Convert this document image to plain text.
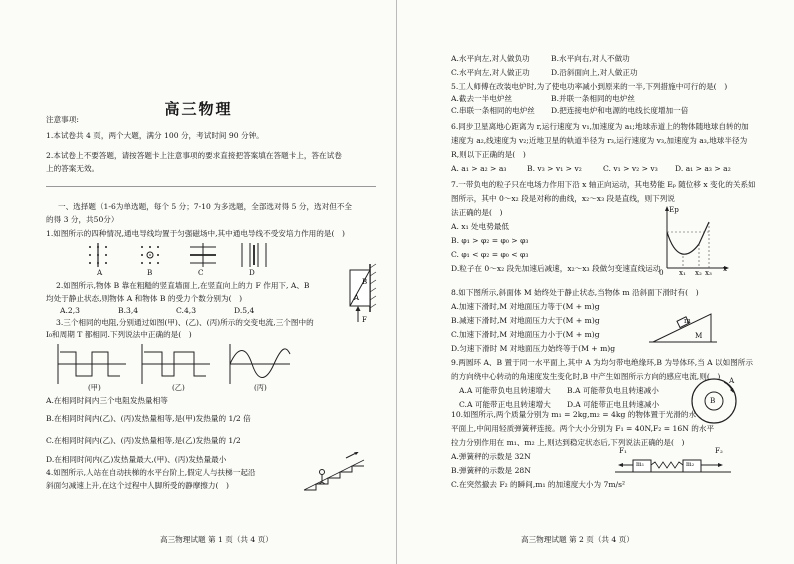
高三物理
注意事项:
1.本试卷共 4 页，两个大题，满分 100 分，考试时间 90 分钟。
2.本试卷上不要答题，请按答题卡上注意事项的要求直接把答案填在答题卡上，答在试卷
上的答案无效。
一、选择题（1-6为单选题，每个 5 分；7-10 为多选题，全部选对得 5 分，选对但不全
的得 3 分，共50分）
1.如图所示的四种情况,通电导线均置于匀强磁场中,其中通电导线不受安培力作用的是(　)
A	B	C	D
2.如图所示,物体 B 靠在粗糙的竖直墙面上,在竖直向上的力 F 作用下, A、B
均处于静止状态,则物体 A 和物体 B 的受力个数分别为(　)
A.2,3	B.3,4	C.4,3	D.5,4
A
B
F
3.三个相同的电阻,分别通过如图(甲)、(乙)、(丙)所示的交变电流,三个图中的
I₀和周期 T 都相同.下列说法中正确的是(　)
(甲)	(乙)	(丙)
A.在相同时间内三个电阻发热量相等
B.在相同时间内(乙)、(丙)发热量相等,是(甲)发热量的 1/2 倍
C.在相同时间内(乙)、(丙)发热量相等,是(乙)发热量的 1/2
D.在相同时间内(乙)发热量最大,(甲)、(丙)发热量最小
4.如图所示,人站在自动扶梯的水平台阶上,假定人与扶梯一起沿
斜面匀减速上升,在这个过程中人脚所受的静摩擦力(　)
高三物理试题 第 1 页（共 4 页）
A.水平向左,对人做负功	B.水平向右,对人不做功
C.水平向左,对人做正功	D.沿斜面向上,对人做正功
5.工人师傅在改装电炉时,为了使电功率减小到原来的一半,下列措施中可行的是(　)
A.截去一半电炉丝	B.并联一条相同的电炉丝
C.串联一条相同的电炉丝 D.把连接电炉和电源的电线长度增加一倍
6.同步卫星离地心距离为 r,运行速度为 v₁,加速度为 a₁;地球赤道上的物体随地球自转的加
速度为 a₂,线速度为 v₂;近地卫星的轨道半径为 r₃,运行速度为 v₃,加速度为 a₃,地球半径为
R,则以下正确的是(　)
A. a₁ > a₂ > a₃	B. v₃ > v₁ > v₂	C. v₁ > v₂ > v₃ D. a₁ > a₃ > a₂
7.一带负电的粒子只在电场力作用下沿 x 轴正向运动，其电势能 Eₚ 随位移 x 变化的关系如
图所示，其中 0～x₂ 段是对称的曲线，x₂～x₃ 段是直线，则下列说
法正确的是(　)
A. x₁ 处电势最低
B. φ₁ > φ₂ = φ₀ > φ₃
C. φ₁ < φ₂ = φ₀ < φ₃
D.粒子在 0～x₂ 段先加速后减速，x₂～x₃ 段做匀变速直线运动
Ep
0 x₁ x₂ x₃ x
8.如下图所示,斜面体 M 始终处于静止状态,当物体 m 沿斜面下滑时有(　)
A.加速下滑时,M 对地面压力等于(M + m)g
B.减速下滑时,M 对地面压力大于(M + m)g
C.加速下滑时,M 对地面压力小于(M + m)g
D.匀速下滑时 M 对地面压力始终等于(M + m)g
m
M
9.两圆环 A、B 置于同一水平面上,其中 A 为均匀带电绝缘环,B 为导体环,当 A 以如图所示
的方向绕中心转动的角速度发生变化时,B 中产生如图所示方向的感应电流,则(　)
A.A 可能带负电且转速增大 B.A 可能带负电且转速减小
C.A 可能带正电且转速增大 D.A 可能带正电且转速减小
A
B
10.如图所示,两个质量分别为 m₁ = 2kg,m₂ = 4kg 的物体置于光滑的水
平面上,中间用轻质弹簧秤连接。两个大小分别为 F₁ = 40N,F₂ = 16N 的水平
拉力分别作用在 m₁、m₂ 上,则达到稳定状态后,下列说法正确的是(　)
A.弹簧秤的示数是 32N
B.弹簧秤的示数是 28N
C.在突然撤去 F₂ 的瞬间,m₁ 的加速度大小为 7m/s²
F₁
m₁	m₂
F₂
高三物理试题 第 2 页（共 4 页）
